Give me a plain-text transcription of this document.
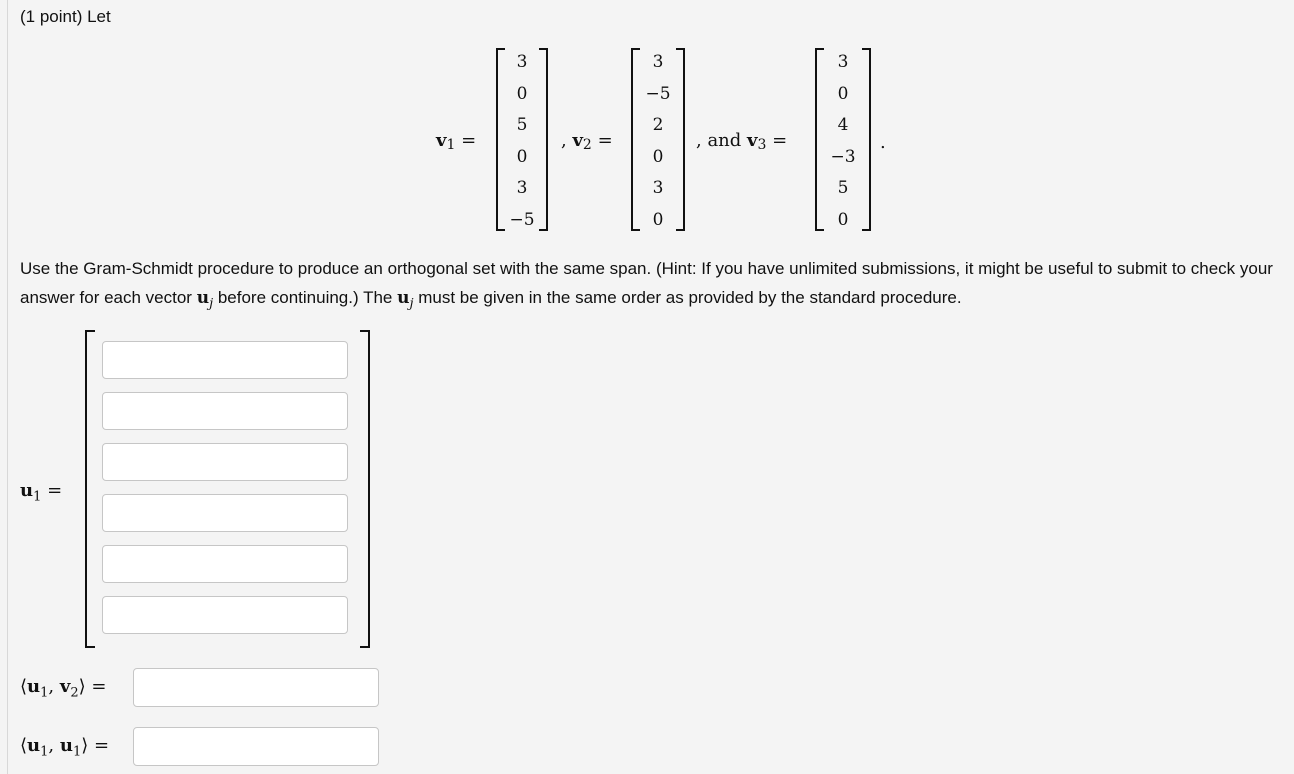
(1 point) Let
$v_1$ =
3
0
5
0
3
−5
, $v_2$ =
3
−5
2
0
3
0
, and $v_3$ =
3
0
4
−3
5
0
.
Use the Gram-Schmidt procedure to produce an orthogonal set with the same span. (Hint: If you have unlimited submissions, it might be useful to submit to check your answer for each vector $u_j$ before continuing.) The $u_j$ must be given in the same order as provided by the standard procedure.
$u_1$ =
$⟨u_1$, $v_2⟩$ =
$⟨u_1$, $u_1⟩$ =
